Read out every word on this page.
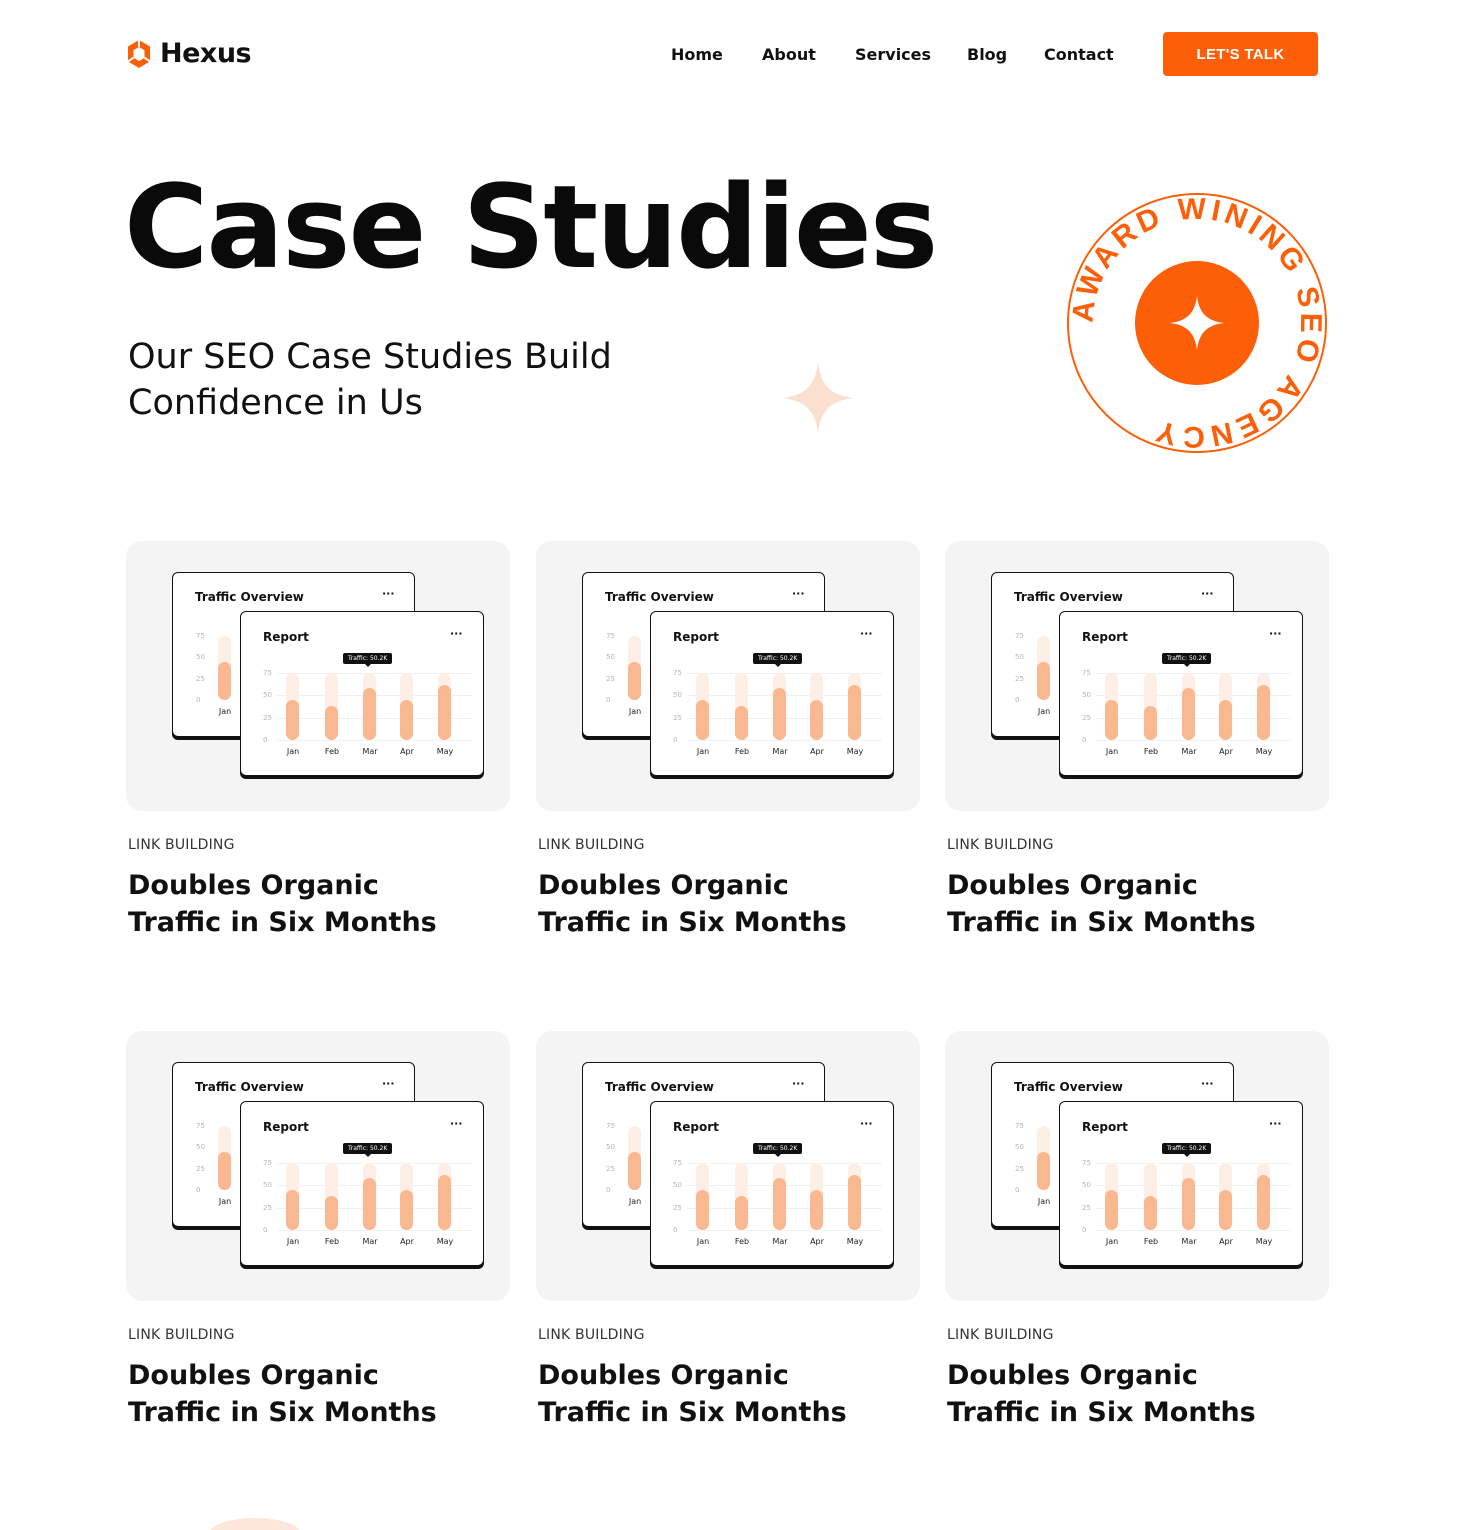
Hexus	Home About Services Blog Contact	LET'S TALK
Case Studies

Our SEO Case Studies Build Confidence in Us

AWARD WINING SEO AGENCY
Traffic Overview	···
75
50
25
0
Jan
Report	···
75
50
25
0
Jan	Feb	Mar	Apr	May
Traffic: 50.2K
LINK BUILDING
Doubles Organic Traffic in Six Months
Traffic Overview	···
75
50
25
0
Jan
Report	···
75
50
25
0
Jan	Feb	Mar	Apr	May
Traffic: 50.2K
LINK BUILDING
Doubles Organic Traffic in Six Months
Traffic Overview	···
75
50
25
0
Jan
Report	···
75
50
25
0
Jan	Feb	Mar	Apr	May
Traffic: 50.2K
LINK BUILDING
Doubles Organic Traffic in Six Months
Traffic Overview	···
75
50
25
0
Jan
Report	···
75
50
25
0
Jan	Feb	Mar	Apr	May
Traffic: 50.2K
LINK BUILDING
Doubles Organic Traffic in Six Months
Traffic Overview	···
75
50
25
0
Jan
Report	···
75
50
25
0
Jan	Feb	Mar	Apr	May
Traffic: 50.2K
LINK BUILDING
Doubles Organic Traffic in Six Months
Traffic Overview	···
75
50
25
0
Jan
Report	···
75
50
25
0
Jan	Feb	Mar	Apr	May
Traffic: 50.2K
LINK BUILDING
Doubles Organic Traffic in Six Months
